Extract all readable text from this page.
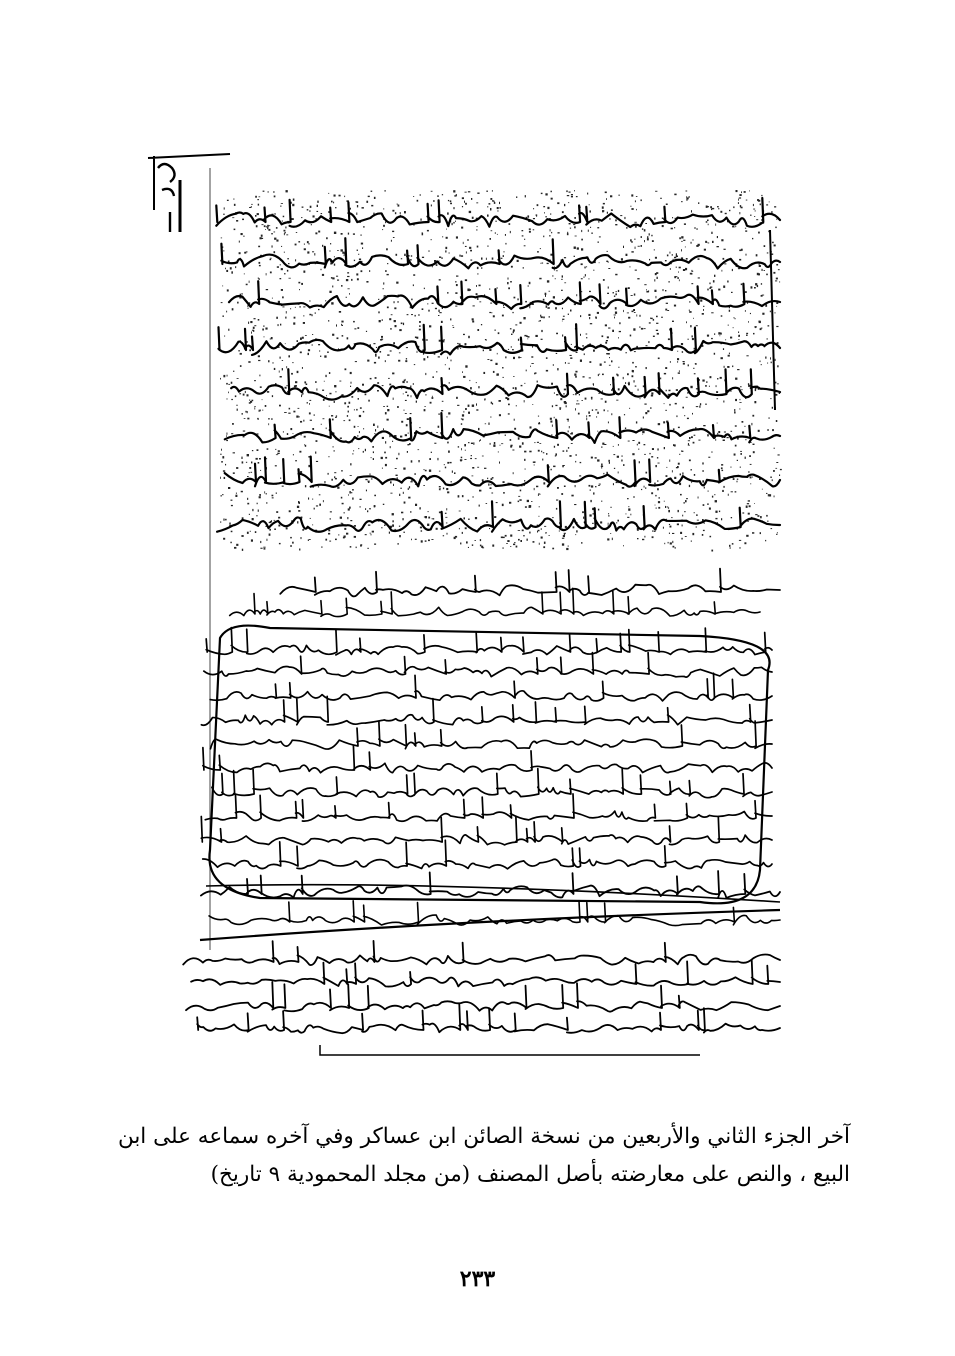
آخر الجزء الثاني والأربعين من نسخة الصائن ابن عساكر وفي آخره سماعه على ابن

البيع ، والنص على معارضته بأصل المصنف (من مجلد المحمودية ٩ تاريخ)

٢٣٣
